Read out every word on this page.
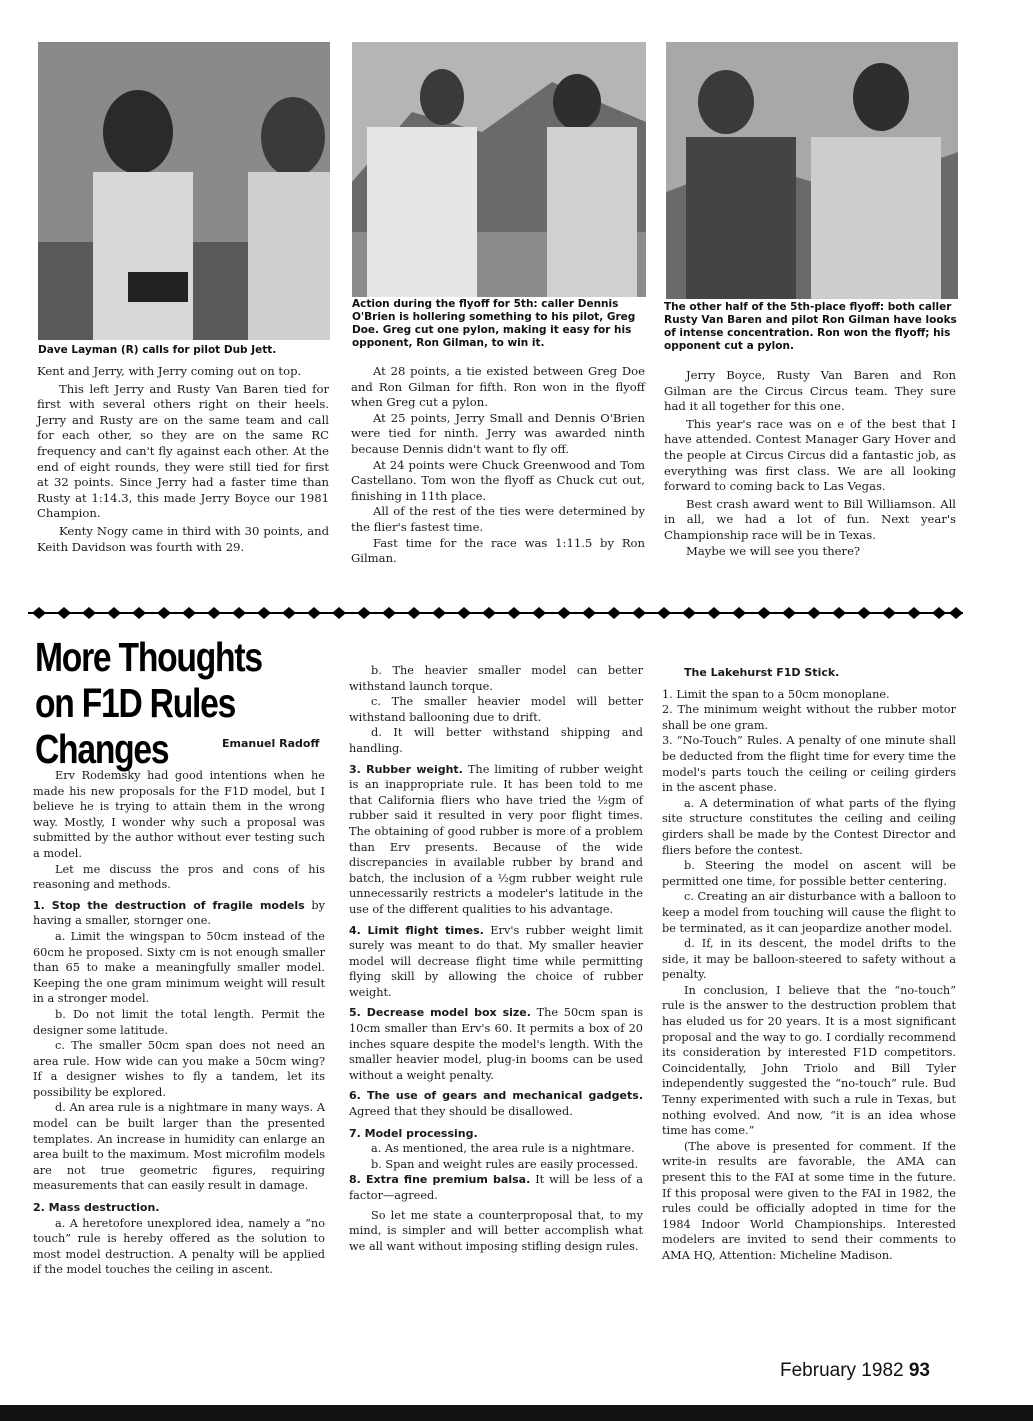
Dave Layman (R) calls for pilot Dub Jett.
Action during the flyoff for 5th: caller Dennis O'Brien is hollering something to his pilot, Greg Doe. Greg cut one pylon, making it easy for his opponent, Ron Gilman, to win it.
The other half of the 5th-place flyoff: both caller Rusty Van Baren and pilot Ron Gilman have looks of intense concentration. Ron won the flyoff; his opponent cut a pylon.

Kent and Jerry, with Jerry coming out on top.

This left Jerry and Rusty Van Baren tied for first with several others right on their heels. Jerry and Rusty are on the same team and call for each other, so they are on the same RC frequency and can't fly against each other. At the end of eight rounds, they were still tied for first at 32 points. Since Jerry had a faster time than Rusty at 1:14.3, this made Jerry Boyce our 1981 Champion.

Kenty Nogy came in third with 30 points, and Keith Davidson was fourth with 29.

At 28 points, a tie existed between Greg Doe and Ron Gilman for fifth. Ron won in the flyoff when Greg cut a pylon.

At 25 points, Jerry Small and Dennis O'Brien were tied for ninth. Jerry was awarded ninth because Dennis didn't want to fly off.

At 24 points were Chuck Greenwood and Tom Castellano. Tom won the flyoff as Chuck cut out, finishing in 11th place.

All of the rest of the ties were determined by the flier's fastest time.

Fast time for the race was 1:11.5 by Ron Gilman.

Jerry Boyce, Rusty Van Baren and Ron Gilman are the Circus Circus team. They sure had it all together for this one.

This year's race was on e of the best that I have attended. Contest Manager Gary Hover and the people at Circus Circus did a fantastic job, as everything was first class. We are all looking forward to coming back to Las Vegas.

Best crash award went to Bill Williamson. All in all, we had a lot of fun. Next year's Championship race will be in Texas.

Maybe we will see you there?

More Thoughts on F1D Rules Changes	Emanuel Radoff

Erv Rodemsky had good intentions when he made his new proposals for the F1D model, but I believe he is trying to attain them in the wrong way. Mostly, I wonder why such a proposal was submitted by the author without ever testing such a model.

Let me discuss the pros and cons of his reasoning and methods.

1. Stop the destruction of fragile models by having a smaller, stornger one.

a. Limit the wingspan to 50cm instead of the 60cm he proposed. Sixty cm is not enough smaller than 65 to make a meaningfully smaller model. Keeping the one gram minimum weight will result in a stronger model.

b. Do not limit the total length. Permit the designer some latitude.

c. The smaller 50cm span does not need an area rule. How wide can you make a 50cm wing? If a designer wishes to fly a tandem, let its possibility be explored.

d. An area rule is a nightmare in many ways. A model can be built larger than the presented templates. An increase in humidity can enlarge an area built to the maximum. Most microfilm models are not true geometric figures, requiring measurements that can easily result in damage.

2. Mass destruction.

a. A heretofore unexplored idea, namely a “no touch” rule is hereby offered as the solution to most model destruction. A penalty will be applied if the model touches the ceiling in ascent.

b. The heavier smaller model can better withstand launch torque.

c. The smaller heavier model will better withstand ballooning due to drift.

d. It will better withstand shipping and handling.

3. Rubber weight. The limiting of rubber weight is an inappropriate rule. It has been told to me that California fliers who have tried the ½gm of rubber said it resulted in very poor flight times. The obtaining of good rubber is more of a problem than Erv presents. Because of the wide discrepancies in available rubber by brand and batch, the inclusion of a ½gm rubber weight rule unnecessarily restricts a modeler's latitude in the use of the different qualities to his advantage.

4. Limit flight times. Erv's rubber weight limit surely was meant to do that. My smaller heavier model will decrease flight time while permitting flying skill by allowing the choice of rubber weight.

5. Decrease model box size. The 50cm span is 10cm smaller than Erv's 60. It permits a box of 20 inches square despite the model's length. With the smaller heavier model, plug-in booms can be used without a weight penalty.

6. The use of gears and mechanical gadgets. Agreed that they should be disallowed.

7. Model processing.

a. As mentioned, the area rule is a nightmare.

b. Span and weight rules are easily processed.

8. Extra fine premium balsa. It will be less of a factor—agreed.

So let me state a counterproposal that, to my mind, is simpler and will better accomplish what we all want without imposing stifling design rules.

The Lakehurst F1D Stick.

1. Limit the span to a 50cm monoplane.

2. The minimum weight without the rubber motor shall be one gram.

3. “No-Touch” Rules. A penalty of one minute shall be deducted from the flight time for every time the model's parts touch the ceiling or ceiling girders in the ascent phase.

a. A determination of what parts of the flying site structure constitutes the ceiling and ceiling girders shall be made by the Contest Director and fliers before the contest.

b. Steering the model on ascent will be permitted one time, for possible better centering.

c. Creating an air disturbance with a balloon to keep a model from touching will cause the flight to be terminated, as it can jeopardize another model.

d. If, in its descent, the model drifts to the side, it may be balloon-steered to safety without a penalty.

In conclusion, I believe that the “no-touch” rule is the answer to the destruction problem that has eluded us for 20 years. It is a most significant proposal and the way to go. I cordially recommend its consideration by interested F1D competitors. Coincidentally, John Triolo and Bill Tyler independently suggested the “no-touch” rule. Bud Tenny experimented with such a rule in Texas, but nothing evolved. And now, “it is an idea whose time has come.”

(The above is presented for comment. If the write-in results are favorable, the AMA can present this to the FAI at some time in the future. If this proposal were given to the FAI in 1982, the rules could be officially adopted in time for the 1984 Indoor World Championships. Interested modelers are invited to send their comments to AMA HQ, Attention: Micheline Madison.

February 1982 93
